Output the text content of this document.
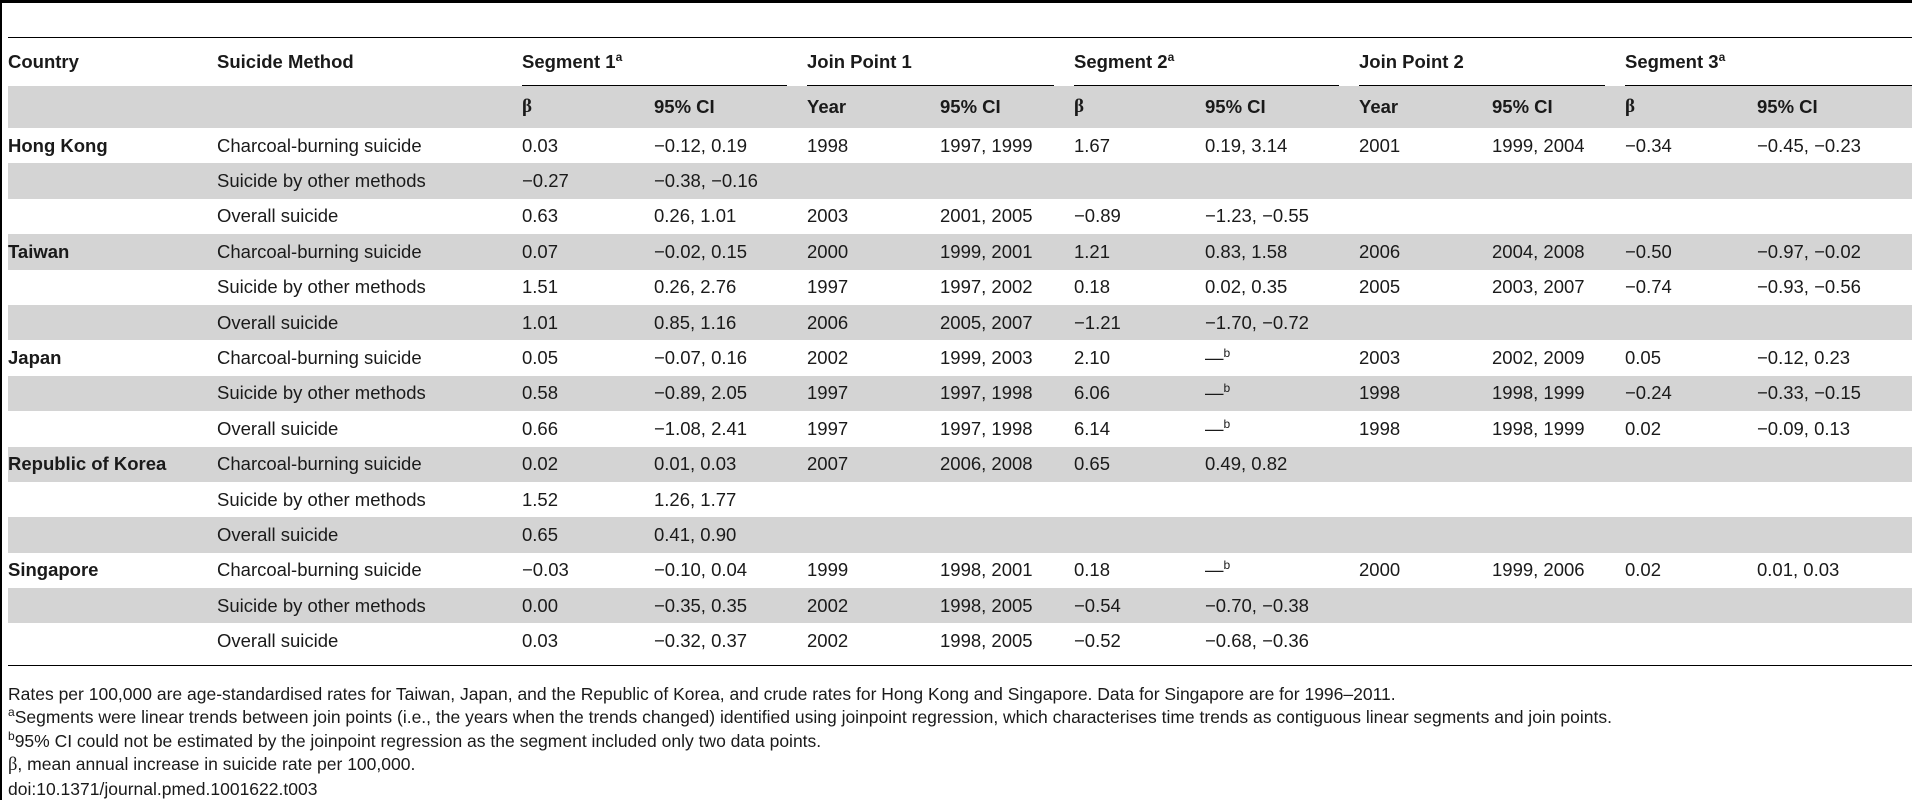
Country	Suicide Method	Segment 1$^a$		Join Point 1		Segment 2$^a$		Join Point 2		Segment 3$^a$

		β	95% CI	Year	95% CI	β	95% CI	Year	95% CI	β	95% CI
Hong Kong	Charcoal-burning suicide	0.03	−0.12, 0.19	1998	1997, 1999	1.67	0.19, 3.14	2001	1999, 2004	−0.34	−0.45, −0.23
	Suicide by other methods	−0.27	−0.38, −0.16								
	Overall suicide	0.63	0.26, 1.01	2003	2001, 2005	−0.89	−1.23, −0.55				
Taiwan	Charcoal-burning suicide	0.07	−0.02, 0.15	2000	1999, 2001	1.21	0.83, 1.58	2006	2004, 2008	−0.50	−0.97, −0.02
	Suicide by other methods	1.51	0.26, 2.76	1997	1997, 2002	0.18	0.02, 0.35	2005	2003, 2007	−0.74	−0.93, −0.56
	Overall suicide	1.01	0.85, 1.16	2006	2005, 2007	−1.21	−1.70, −0.72				
Japan	Charcoal-burning suicide	0.05	−0.07, 0.16	2002	1999, 2003	2.10	—$^b$	2003	2002, 2009	0.05	−0.12, 0.23
	Suicide by other methods	0.58	−0.89, 2.05	1997	1997, 1998	6.06	—$^b$	1998	1998, 1999	−0.24	−0.33, −0.15
	Overall suicide	0.66	−1.08, 2.41	1997	1997, 1998	6.14	—$^b$	1998	1998, 1999	0.02	−0.09, 0.13
Republic of Korea	Charcoal-burning suicide	0.02	0.01, 0.03	2007	2006, 2008	0.65	0.49, 0.82				
	Suicide by other methods	1.52	1.26, 1.77								
	Overall suicide	0.65	0.41, 0.90								
Singapore	Charcoal-burning suicide	−0.03	−0.10, 0.04	1999	1998, 2001	0.18	—$^b$	2000	1999, 2006	0.02	0.01, 0.03
	Suicide by other methods	0.00	−0.35, 0.35	2002	1998, 2005	−0.54	−0.70, −0.38				
	Overall suicide	0.03	−0.32, 0.37	2002	1998, 2005	−0.52	−0.68, −0.36				
Rates per 100,000 are age-standardised rates for Taiwan, Japan, and the Republic of Korea, and crude rates for Hong Kong and Singapore. Data for Singapore are for 1996–2011.
$^a$Segments were linear trends between join points (i.e., the years when the trends changed) identified using joinpoint regression, which characterises time trends as contiguous linear segments and join points.
$^b$95% CI could not be estimated by the joinpoint regression as the segment included only two data points.
β, mean annual increase in suicide rate per 100,000.
doi:10.1371/journal.pmed.1001622.t003
